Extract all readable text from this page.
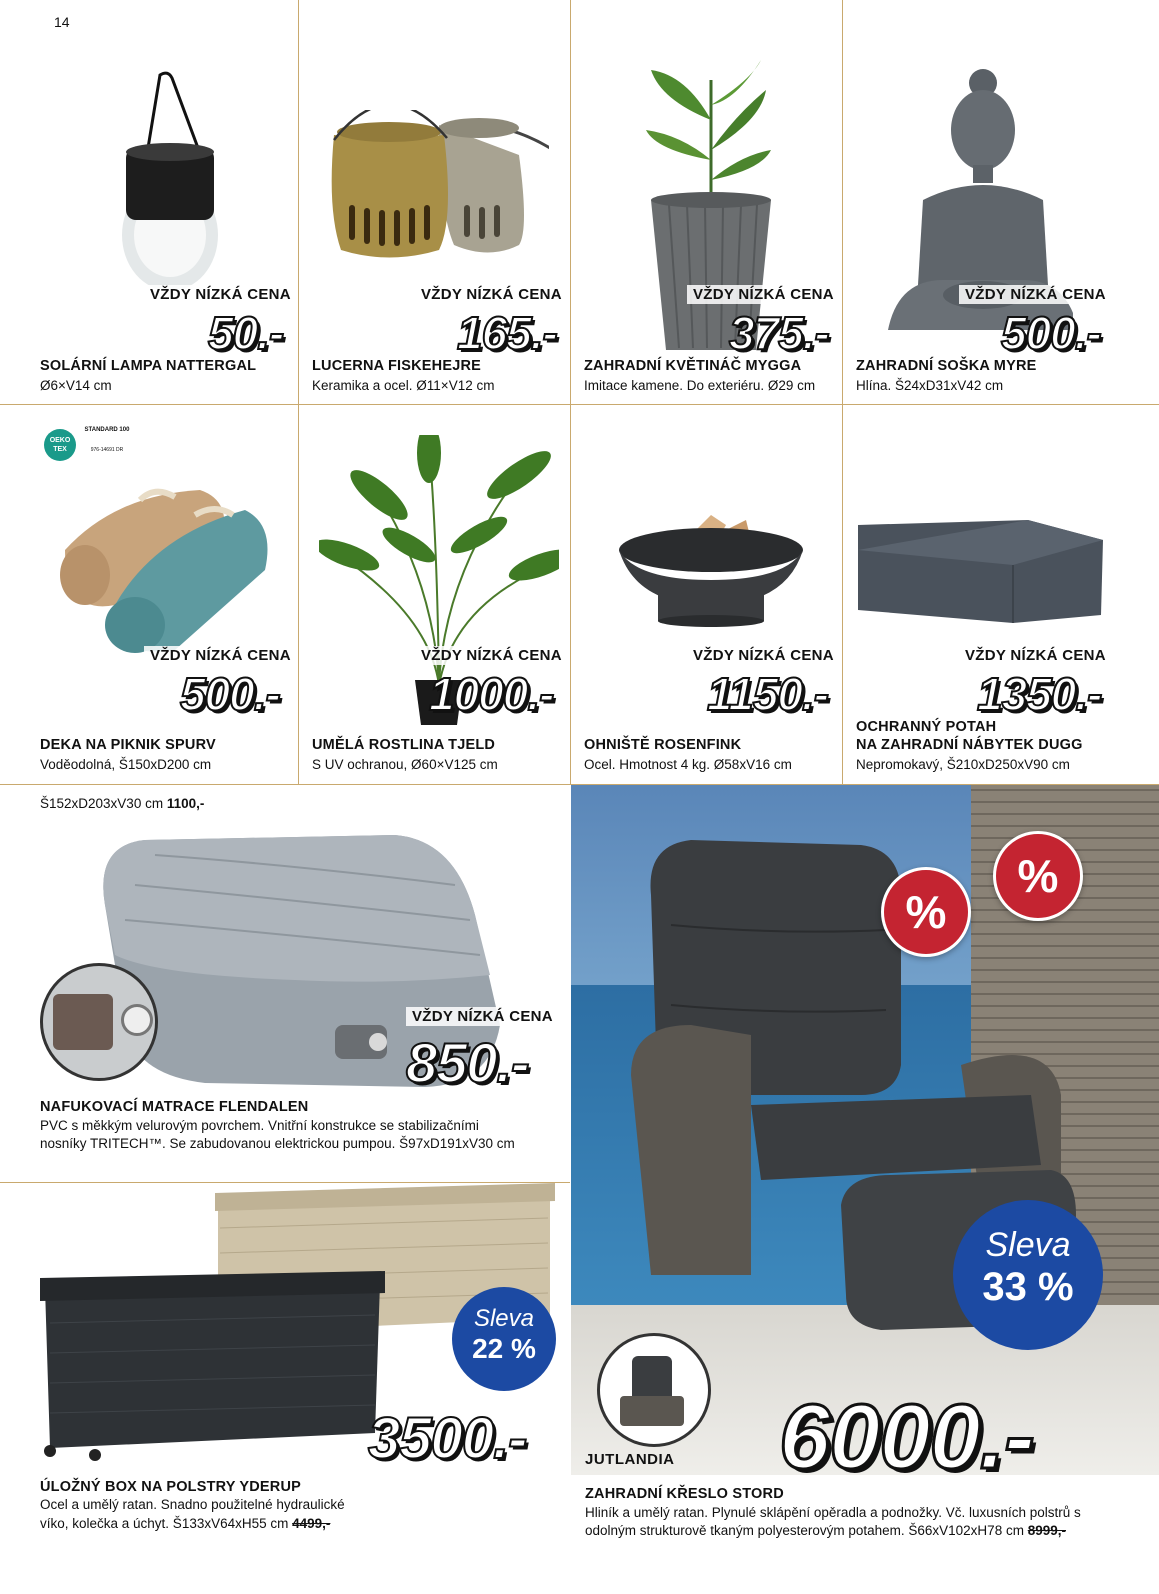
14
VŽDY NÍZKÁ CENA
50.-
SOLÁRNÍ LAMPA NATTERGAL
Ø6×V14 cm
VŽDY NÍZKÁ CENA
165.-
LUCERNA FISKEHEJRE
Keramika a ocel. Ø11×V12 cm
VŽDY NÍZKÁ CENA
375.-
ZAHRADNÍ KVĚTINÁČ MYGGA
Imitace kamene. Do exteriéru. Ø29 cm
VŽDY NÍZKÁ CENA
500.-
ZAHRADNÍ SOŠKA MYRE
Hlína. Š24xD31xV42 cm
OEKO TEX
STANDARD 100
976-14691 DR
VŽDY NÍZKÁ CENA
500.-
DEKA NA PIKNIK SPURV
Voděodolná, Š150xD200 cm
VŽDY NÍZKÁ CENA
1000.-
UMĚLÁ ROSTLINA TJELD
S UV ochranou, Ø60×V125 cm
VŽDY NÍZKÁ CENA
1150.-
OHNIŠTĚ ROSENFINK
Ocel. Hmotnost 4 kg. Ø58xV16 cm
VŽDY NÍZKÁ CENA
1350.-
OCHRANNÝ POTAH
NA ZAHRADNÍ NÁBYTEK DUGG
Nepromokavý, Š210xD250xV90 cm
Š152xD203xV30 cm 1100,-
VŽDY NÍZKÁ CENA
850.-
NAFUKOVACÍ MATRACE FLENDALEN
PVC s měkkým velurovým povrchem. Vnitřní konstrukce se stabilizačními
nosníky TRITECH™. Se zabudovanou elektrickou pumpou. Š97xD191xV30 cm
Sleva
22 %
3500.-
ÚLOŽNÝ BOX NA POLSTRY YDERUP
Ocel a umělý ratan. Snadno použitelné hydraulické
víko, kolečka a úchyt. Š133xV64xH55 cm 4499,-
%
%
Sleva
33 %
JUTLANDIA 6000.-
ZAHRADNÍ KŘESLO STORD
Hliník a umělý ratan. Plynulé sklápění opěradla a podnožky. Vč. luxusních polstrů s
odolným strukturově tkaným polyesterovým potahem. Š66xV102xH78 cm 8999,-
